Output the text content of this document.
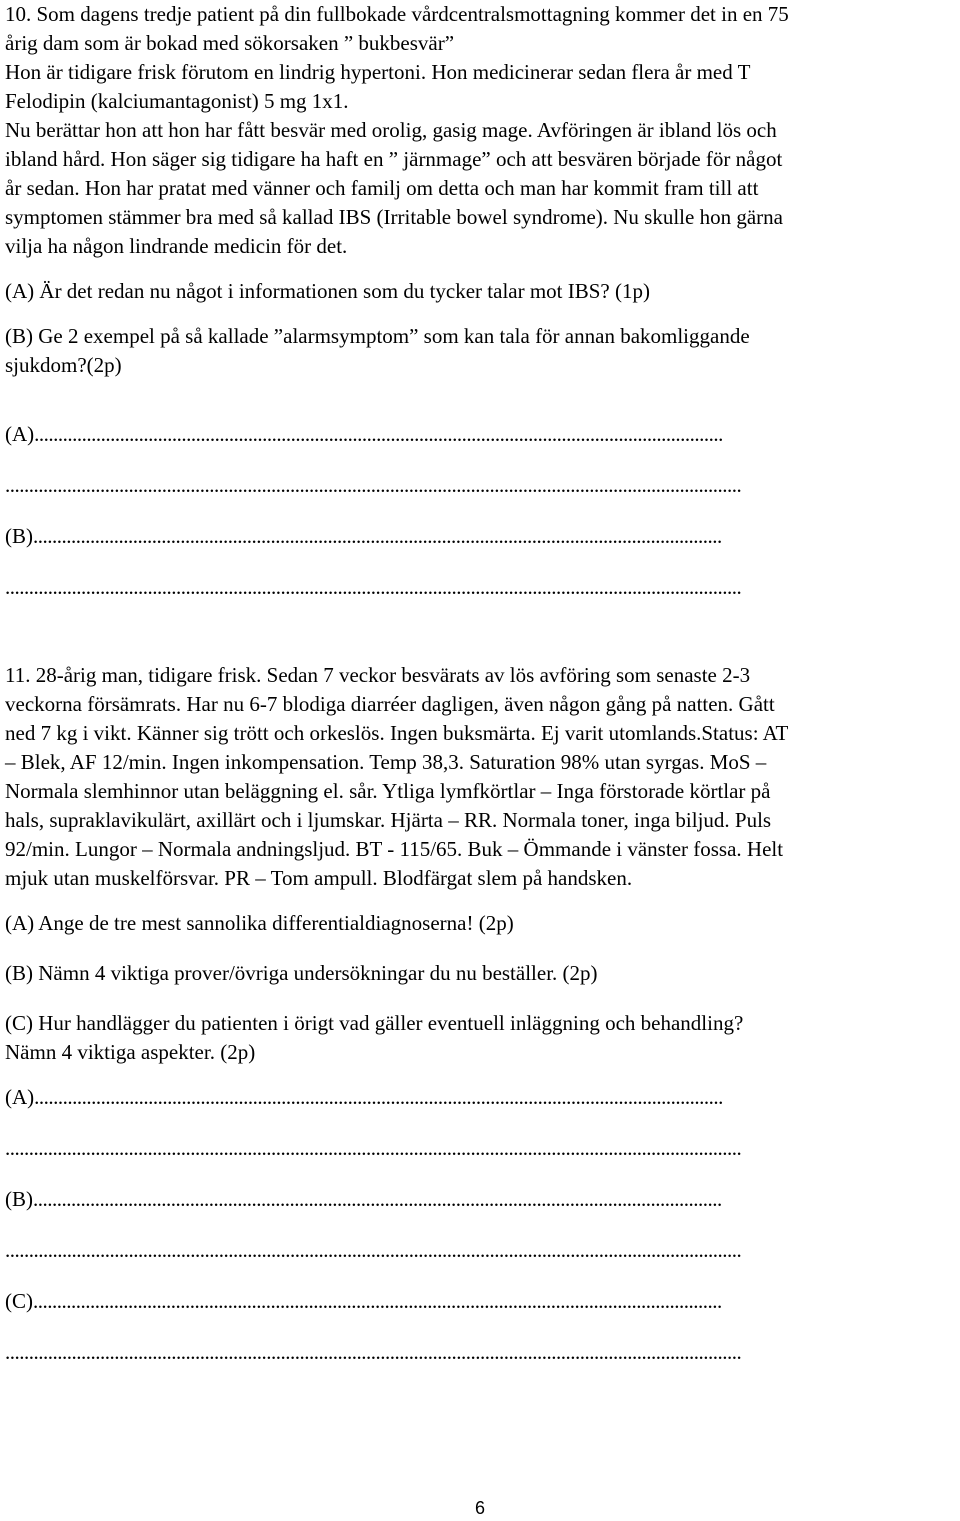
10. Som dagens tredje patient på din fullbokade vårdcentralsmottagning kommer det in en 75

årig dam som är bokad med sökorsaken ” bukbesvär”

Hon är tidigare frisk förutom en lindrig hypertoni. Hon medicinerar sedan flera år med T

Felodipin (kalciumantagonist) 5 mg 1x1.

Nu berättar hon att hon har fått besvär med orolig, gasig mage. Avföringen är ibland lös och

ibland hård. Hon säger sig tidigare ha haft en ” järnmage” och att besvären började för något

år sedan. Hon har pratat med vänner och familj om detta och man har kommit fram till att

symptomen stämmer bra med så kallad IBS (Irritable bowel syndrome). Nu skulle hon gärna

vilja ha någon lindrande medicin för det.

(A) Är det redan nu något i informationen som du tycker talar mot IBS? (1p)

(B) Ge 2 exempel på så kallade ”alarmsymptom” som kan tala för annan bakomliggande

sjukdom?(2p)

(A).................................................................................................................................................
...........................................................................................................................................................
(B).................................................................................................................................................
...........................................................................................................................................................

11. 28-årig man, tidigare frisk. Sedan 7 veckor besvärats av lös avföring som senaste 2-3

veckorna försämrats. Har nu 6-7 blodiga diarréer dagligen, även någon gång på natten. Gått

ned 7 kg i vikt. Känner sig trött och orkeslös. Ingen buksmärta. Ej varit utomlands.Status: AT

– Blek, AF 12/min. Ingen inkompensation. Temp 38,3. Saturation 98% utan syrgas. MoS –

Normala slemhinnor utan beläggning el. sår. Ytliga lymfkörtlar – Inga förstorade körtlar på

hals, supraklavikulärt, axillärt och i ljumskar. Hjärta – RR. Normala toner, inga biljud. Puls

92/min. Lungor – Normala andningsljud. BT - 115/65. Buk – Ömmande i vänster fossa. Helt

mjuk utan muskelförsvar. PR – Tom ampull. Blodfärgat slem på handsken.

(A) Ange de tre mest sannolika differentialdiagnoserna! (2p)

(B) Nämn 4 viktiga prover/övriga undersökningar du nu beställer. (2p)

(C) Hur handlägger du patienten i örigt vad gäller eventuell inläggning och behandling?

Nämn 4 viktiga aspekter. (2p)

(A).................................................................................................................................................
...........................................................................................................................................................
(B).................................................................................................................................................
...........................................................................................................................................................
(C).................................................................................................................................................
...........................................................................................................................................................
6
